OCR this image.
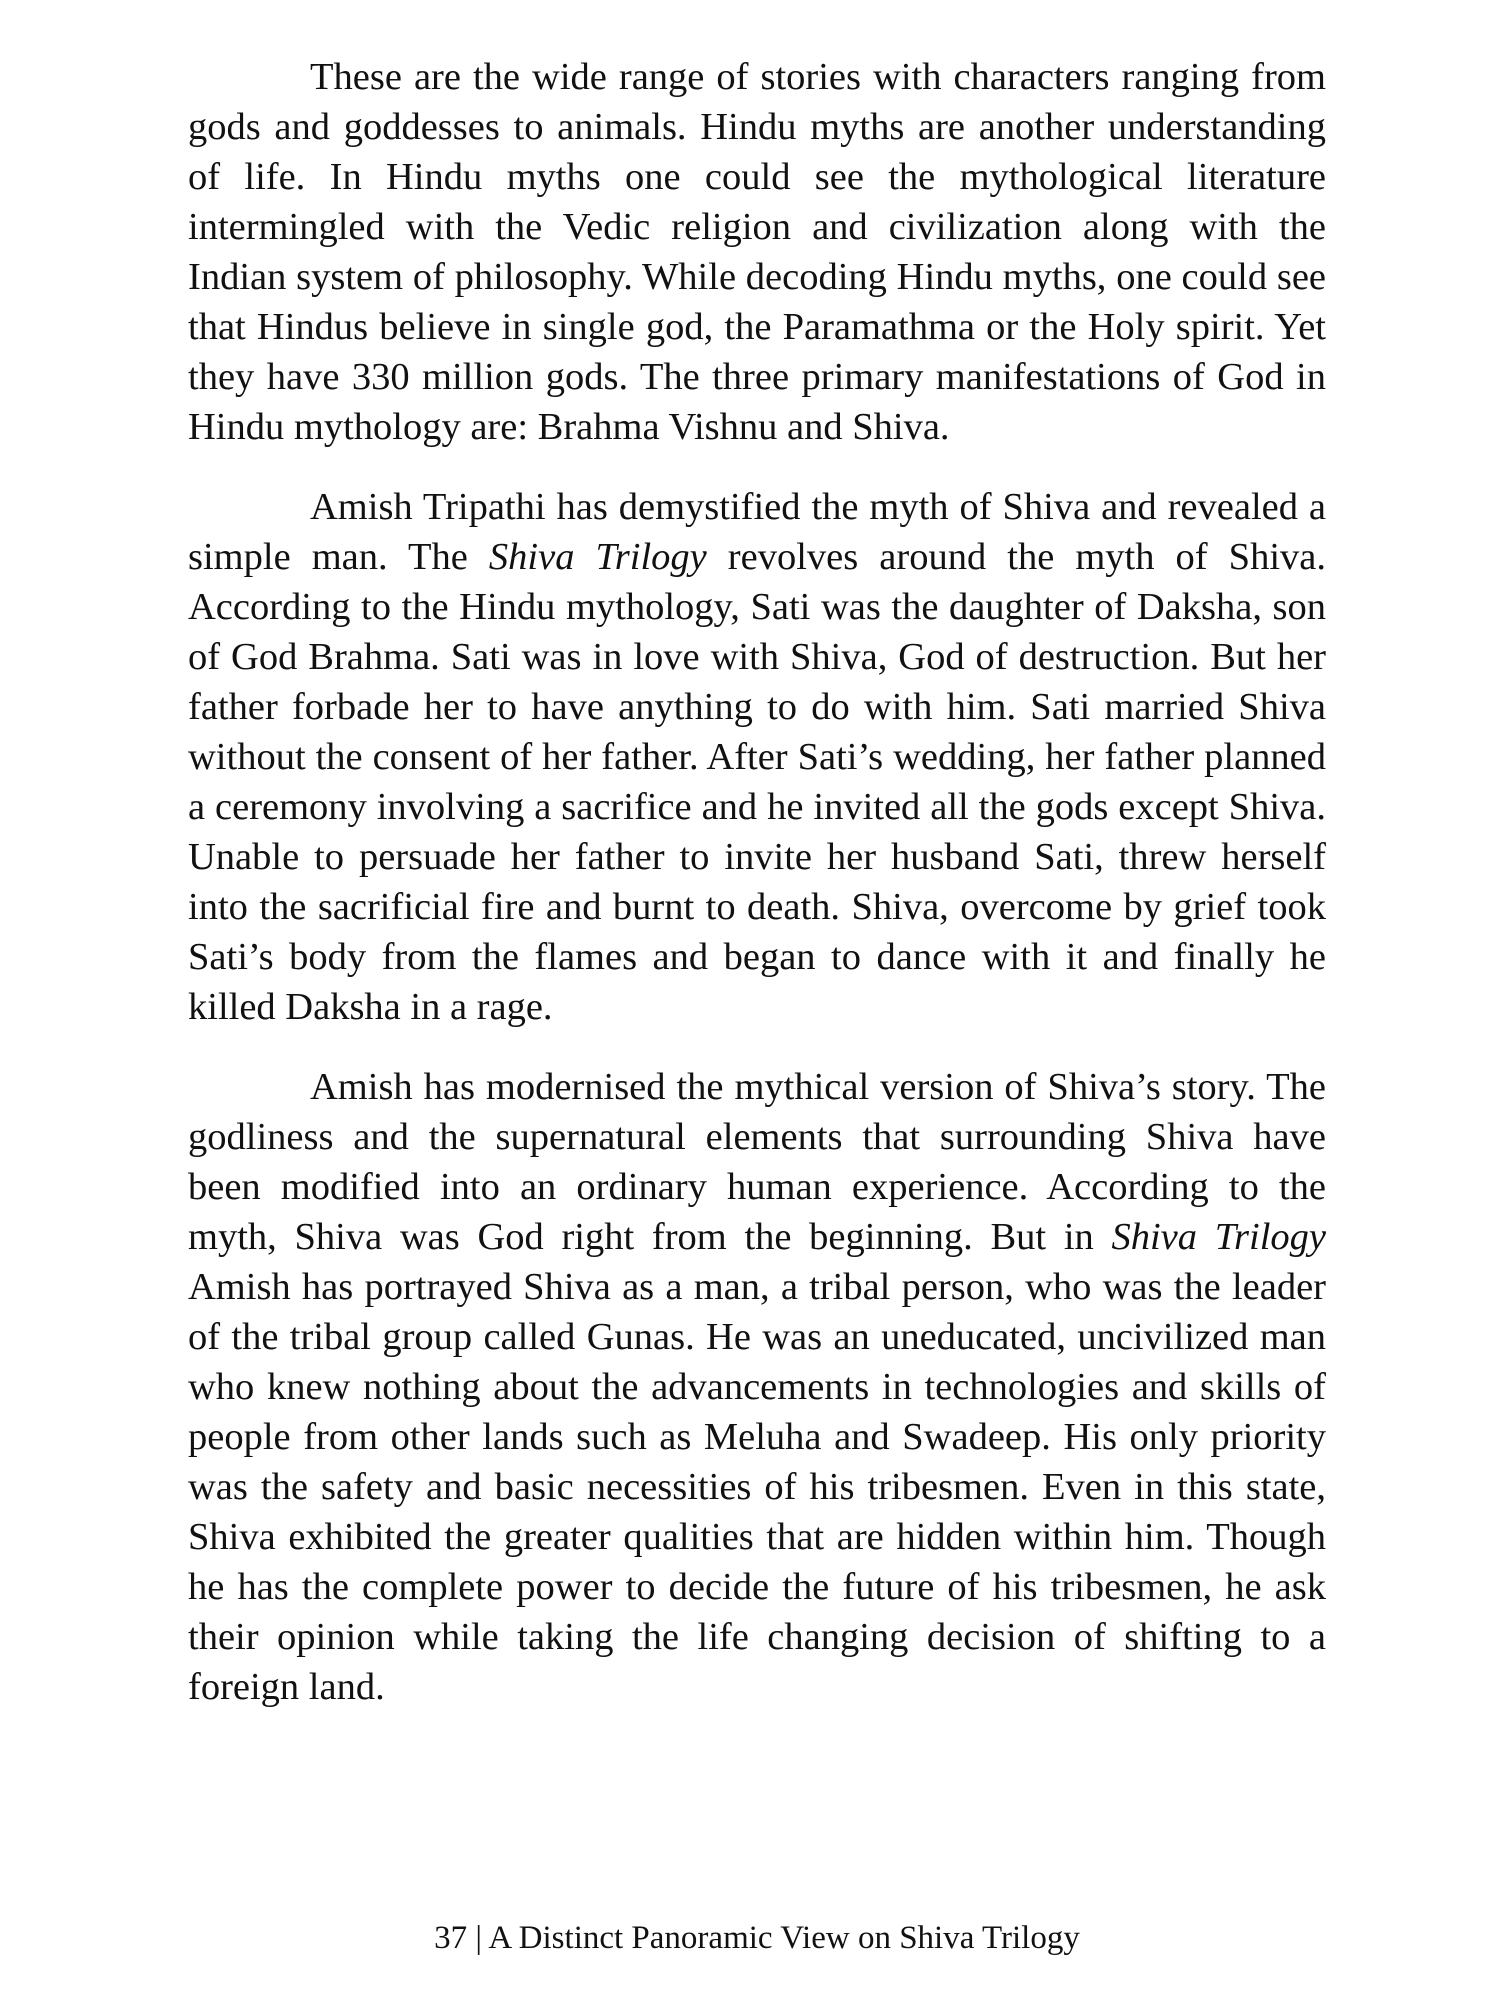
These are the wide range of stories with characters ranging from gods and goddesses to animals. Hindu myths are another understanding of life. In Hindu myths one could see the mythological literature intermingled with the Vedic religion and civilization along with the Indian system of philosophy. While decoding Hindu myths, one could see that Hindus believe in single god, the Paramathma or the Holy spirit. Yet they have 330 million gods. The three primary manifestations of God in Hindu mythology are: Brahma Vishnu and Shiva.

Amish Tripathi has demystified the myth of Shiva and revealed a simple man. The Shiva Trilogy revolves around the myth of Shiva. According to the Hindu mythology, Sati was the daughter of Daksha, son of God Brahma. Sati was in love with Shiva, God of destruction. But her father forbade her to have anything to do with him. Sati married Shiva without the consent of her father. After Sati’s wedding, her father planned a ceremony involving a sacrifice and he invited all the gods except Shiva. Unable to persuade her father to invite her husband Sati, threw herself into the sacrificial fire and burnt to death. Shiva, overcome by grief took Sati’s body from the flames and began to dance with it and finally he killed Daksha in a rage.

Amish has modernised the mythical version of Shiva’s story. The godliness and the supernatural elements that surrounding Shiva have been modified into an ordinary human experience. According to the myth, Shiva was God right from the beginning. But in Shiva Trilogy Amish has portrayed Shiva as a man, a tribal person, who was the leader of the tribal group called Gunas. He was an uneducated, uncivilized man who knew nothing about the advancements in technologies and skills of people from other lands such as Meluha and Swadeep. His only priority was the safety and basic necessities of his tribesmen. Even in this state, Shiva exhibited the greater qualities that are hidden within him. Though he has the complete power to decide the future of his tribesmen, he ask their opinion while taking the life changing decision of shifting to a foreign land.

37 | A Distinct Panoramic View on Shiva Trilogy
